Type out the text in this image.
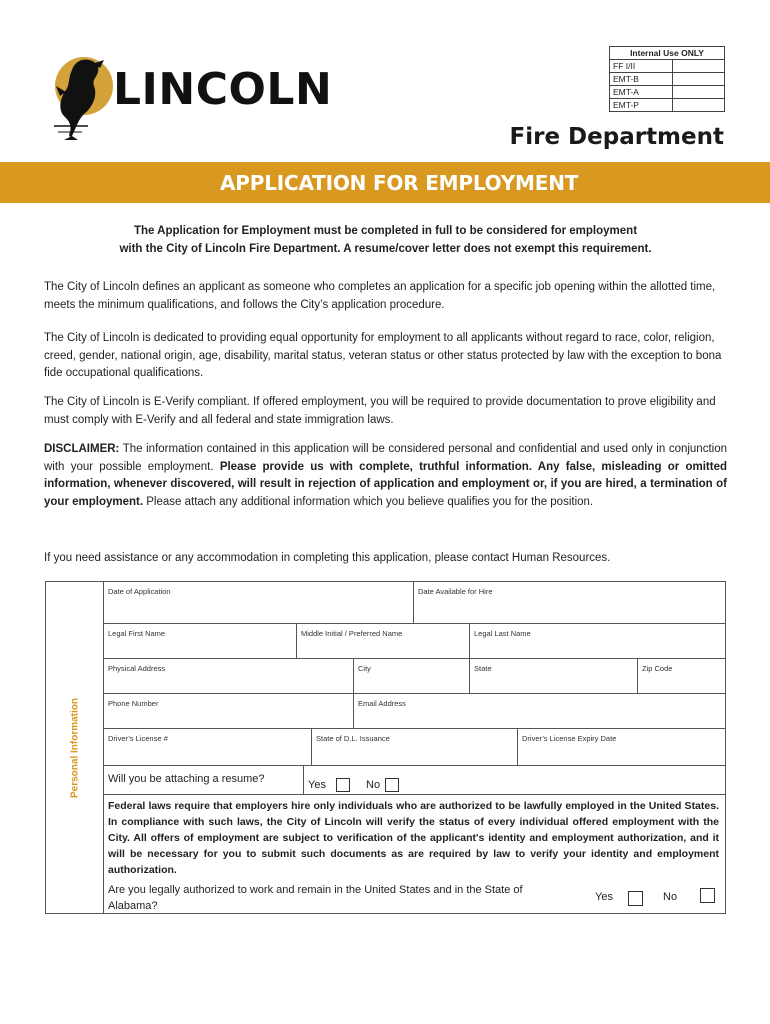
LINCOLN
Internal Use ONLY	
FF I/II	
EMT-B	
EMT-A	
EMT-P	
Fire Department
APPLICATION FOR EMPLOYMENT
The Application for Employment must be completed in full to be considered for employment
with the City of Lincoln Fire Department. A resume/cover letter does not exempt this requirement.
The City of Lincoln defines an applicant as someone who completes an application for a specific job opening within the allotted time, meets the minimum qualifications, and follows the City’s application procedure.
The City of Lincoln is dedicated to providing equal opportunity for employment to all applicants without regard to race, color, religion, creed, gender, national origin, age, disability, marital status, veteran status or other status protected by law with the exception to bona fide occupational qualifications.
The City of Lincoln is E-Verify compliant. If offered employment, you will be required to provide documentation to prove eligibility and must comply with E-Verify and all federal and state immigration laws.
DISCLAIMER: The information contained in this application will be considered personal and confidential and used only in conjunction with your possible employment. Please provide us with complete, truthful information. Any false, misleading or omitted information, whenever discovered, will result in rejection of application and employment or, if you are hired, a termination of your employment. Please attach any additional information which you believe qualifies you for the position.
If you need assistance or any accommodation in completing this application, please contact Human Resources.
Personal Information
Date of Application	Date Available for Hire
Legal First Name	Middle Initial / Preferred Name	Legal Last Name
Physical Address	City	State	Zip Code
Phone Number	Email Address
Driver’s License #	State of D.L. Issuance	Driver’s License Expiry Date
Will you be attaching a resume?	Yes	No
Federal laws require that employers hire only individuals who are authorized to be lawfully employed in the United States. In compliance with such laws, the City of Lincoln will verify the status of every individual offered employment with the City. All offers of employment are subject to verification of the applicant's identity and employment authorization, and it will be necessary for you to submit such documents as are required by law to verify your identity and employment authorization.
Are you legally authorized to work and remain in the United States and in the State of Alabama?
Yes	No
